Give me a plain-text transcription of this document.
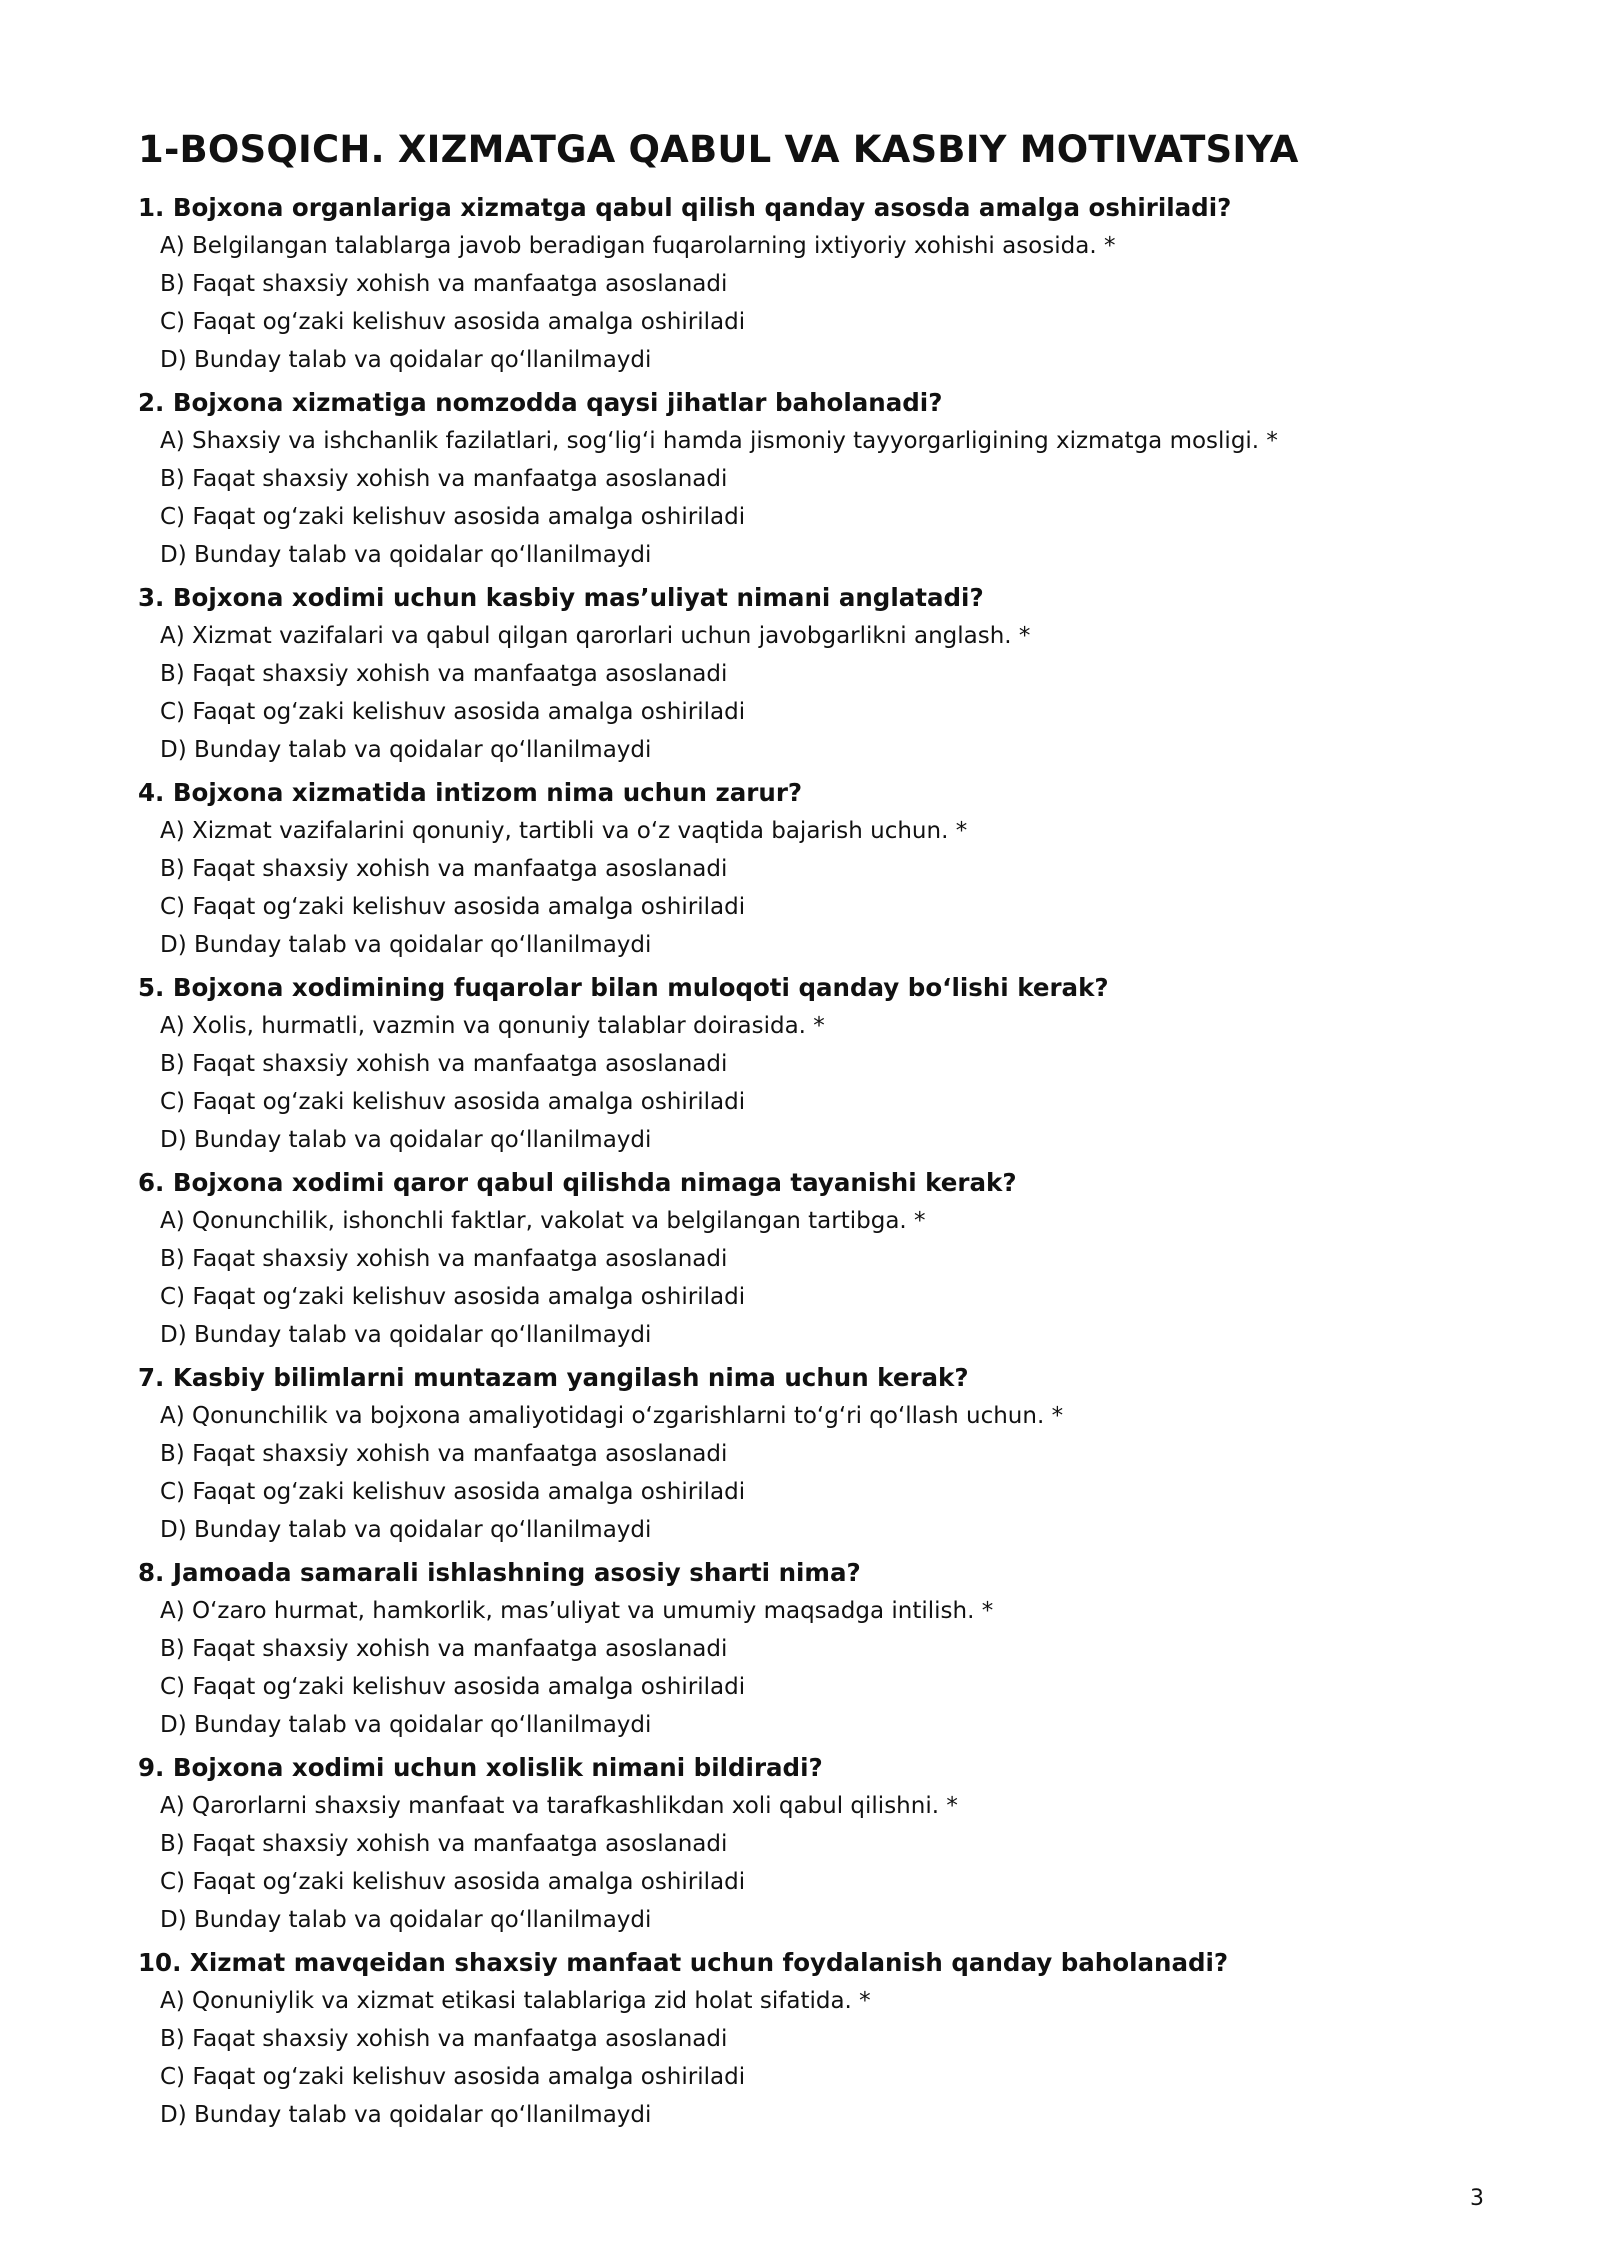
1-BOSQICH. XIZMATGA QABUL VA KASBIY MOTIVATSIYA
1. Bojxona organlariga xizmatga qabul qilish qanday asosda amalga oshiriladi?
A) Belgilangan talablarga javob beradigan fuqarolarning ixtiyoriy xohishi asosida. *
B) Faqat shaxsiy xohish va manfaatga asoslanadi
C) Faqat og‘zaki kelishuv asosida amalga oshiriladi
D) Bunday talab va qoidalar qo‘llanilmaydi
2. Bojxona xizmatiga nomzodda qaysi jihatlar baholanadi?
A) Shaxsiy va ishchanlik fazilatlari, sog‘lig‘i hamda jismoniy tayyorgarligining xizmatga mosligi. *
B) Faqat shaxsiy xohish va manfaatga asoslanadi
C) Faqat og‘zaki kelishuv asosida amalga oshiriladi
D) Bunday talab va qoidalar qo‘llanilmaydi
3. Bojxona xodimi uchun kasbiy mas’uliyat nimani anglatadi?
A) Xizmat vazifalari va qabul qilgan qarorlari uchun javobgarlikni anglash. *
B) Faqat shaxsiy xohish va manfaatga asoslanadi
C) Faqat og‘zaki kelishuv asosida amalga oshiriladi
D) Bunday talab va qoidalar qo‘llanilmaydi
4. Bojxona xizmatida intizom nima uchun zarur?
A) Xizmat vazifalarini qonuniy, tartibli va o‘z vaqtida bajarish uchun. *
B) Faqat shaxsiy xohish va manfaatga asoslanadi
C) Faqat og‘zaki kelishuv asosida amalga oshiriladi
D) Bunday talab va qoidalar qo‘llanilmaydi
5. Bojxona xodimining fuqarolar bilan muloqoti qanday bo‘lishi kerak?
A) Xolis, hurmatli, vazmin va qonuniy talablar doirasida. *
B) Faqat shaxsiy xohish va manfaatga asoslanadi
C) Faqat og‘zaki kelishuv asosida amalga oshiriladi
D) Bunday talab va qoidalar qo‘llanilmaydi
6. Bojxona xodimi qaror qabul qilishda nimaga tayanishi kerak?
A) Qonunchilik, ishonchli faktlar, vakolat va belgilangan tartibga. *
B) Faqat shaxsiy xohish va manfaatga asoslanadi
C) Faqat og‘zaki kelishuv asosida amalga oshiriladi
D) Bunday talab va qoidalar qo‘llanilmaydi
7. Kasbiy bilimlarni muntazam yangilash nima uchun kerak?
A) Qonunchilik va bojxona amaliyotidagi o‘zgarishlarni to‘g‘ri qo‘llash uchun. *
B) Faqat shaxsiy xohish va manfaatga asoslanadi
C) Faqat og‘zaki kelishuv asosida amalga oshiriladi
D) Bunday talab va qoidalar qo‘llanilmaydi
8. Jamoada samarali ishlashning asosiy sharti nima?
A) O‘zaro hurmat, hamkorlik, mas’uliyat va umumiy maqsadga intilish. *
B) Faqat shaxsiy xohish va manfaatga asoslanadi
C) Faqat og‘zaki kelishuv asosida amalga oshiriladi
D) Bunday talab va qoidalar qo‘llanilmaydi
9. Bojxona xodimi uchun xolislik nimani bildiradi?
A) Qarorlarni shaxsiy manfaat va tarafkashlikdan xoli qabul qilishni. *
B) Faqat shaxsiy xohish va manfaatga asoslanadi
C) Faqat og‘zaki kelishuv asosida amalga oshiriladi
D) Bunday talab va qoidalar qo‘llanilmaydi
10. Xizmat mavqeidan shaxsiy manfaat uchun foydalanish qanday baholanadi?
A) Qonuniylik va xizmat etikasi talablariga zid holat sifatida. *
B) Faqat shaxsiy xohish va manfaatga asoslanadi
C) Faqat og‘zaki kelishuv asosida amalga oshiriladi
D) Bunday talab va qoidalar qo‘llanilmaydi
3
